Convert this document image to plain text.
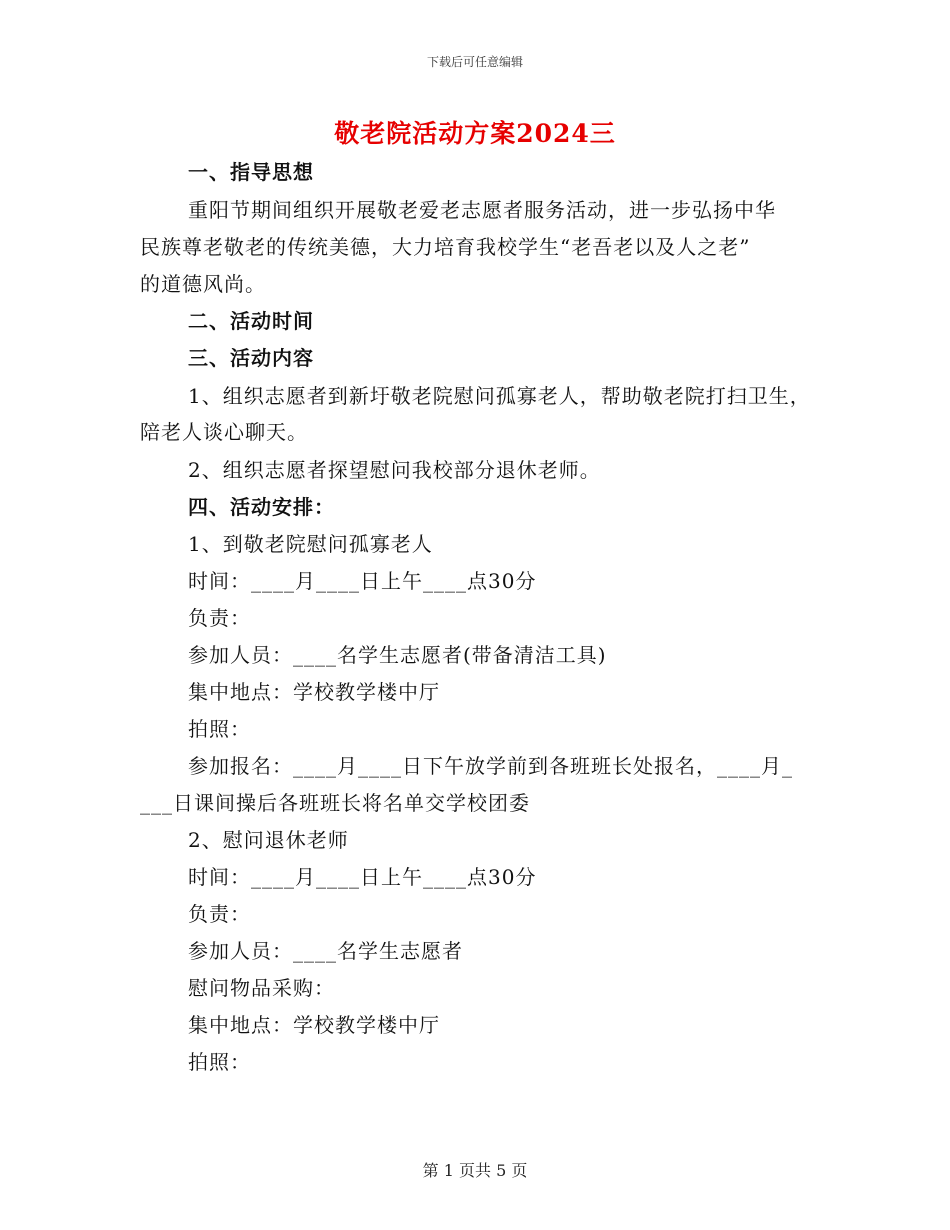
下载后可任意编辑
敬老院活动方案2024三
一、指导思想
重阳节期间组织开展敬老爱老志愿者服务活动，进一步弘扬中华
民族尊老敬老的传统美德，大力培育我校学生“老吾老以及人之老”
的道德风尚。
二、活动时间
三、活动内容
1、组织志愿者到新圩敬老院慰问孤寡老人，帮助敬老院打扫卫生，
陪老人谈心聊天。
2、组织志愿者探望慰问我校部分退休老师。
四、活动安排：
1、到敬老院慰问孤寡老人
时间：____月____日上午____点30分
负责：
参加人员：____名学生志愿者(带备清洁工具)
集中地点：学校教学楼中厅
拍照：
参加报名：____月____日下午放学前到各班班长处报名，____月_
___日课间操后各班班长将名单交学校团委
2、慰问退休老师
时间：____月____日上午____点30分
负责：
参加人员：____名学生志愿者
慰问物品采购：
集中地点：学校教学楼中厅
拍照：
第 1 页共 5 页
